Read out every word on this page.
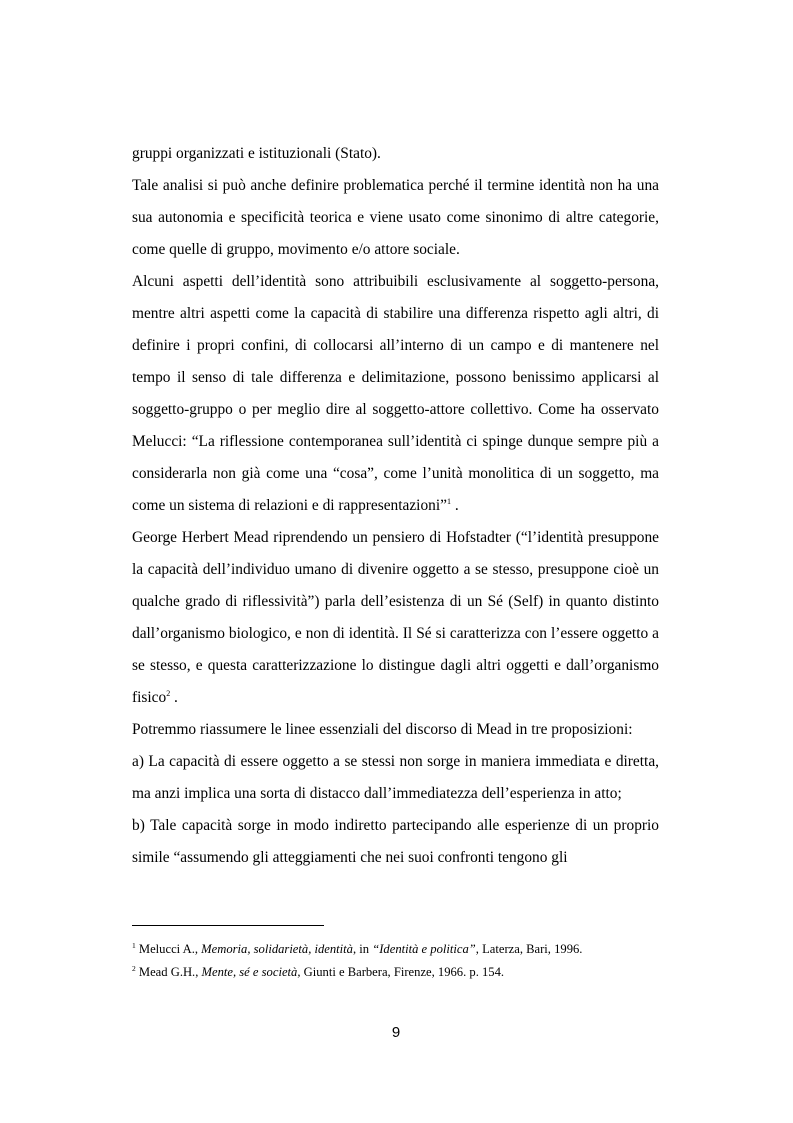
gruppi organizzati e istituzionali (Stato).

Tale analisi si può anche definire problematica perché il termine identità non ha una sua autonomia e specificità teorica e viene usato come sinonimo di altre categorie, come quelle di gruppo, movimento e/o attore sociale.

Alcuni aspetti dell’identità sono attribuibili esclusivamente al soggetto-persona, mentre altri aspetti come la capacità di stabilire una differenza rispetto agli altri, di definire i propri confini, di collocarsi all’interno di un campo e di mantenere nel tempo il senso di tale differenza e delimitazione, possono benissimo applicarsi al soggetto-gruppo o per meglio dire al soggetto-attore collettivo. Come ha osservato Melucci: “La riflessione contemporanea sull’identità ci spinge dunque sempre più a considerarla non già come una “cosa”, come l’unità monolitica di un soggetto, ma come un sistema di relazioni e di rappresentazioni”$^1$ .

George Herbert Mead riprendendo un pensiero di Hofstadter (“l’identità presuppone la capacità dell’individuo umano di divenire oggetto a se stesso, presuppone cioè un qualche grado di riflessività”) parla dell’esistenza di un Sé (Self) in quanto distinto dall’organismo biologico, e non di identità. Il Sé si caratterizza con l’essere oggetto a se stesso, e questa caratterizzazione lo distingue dagli altri oggetti e dall’organismo fisico$^2$ .

Potremmo riassumere le linee essenziali del discorso di Mead in tre proposizioni:

a) La capacità di essere oggetto a se stessi non sorge in maniera immediata e diretta, ma anzi implica una sorta di distacco dall’immediatezza dell’esperienza in atto;

b) Tale capacità sorge in modo indiretto partecipando alle esperienze di un proprio simile “assumendo gli atteggiamenti che nei suoi confronti tengono gli

$^1$ Melucci A., Memoria, solidarietà, identità, in “Identità e politica”, Laterza, Bari, 1996.

$^2$ Mead G.H., Mente, sé e società, Giunti e Barbera, Firenze, 1966. p. 154.

9
